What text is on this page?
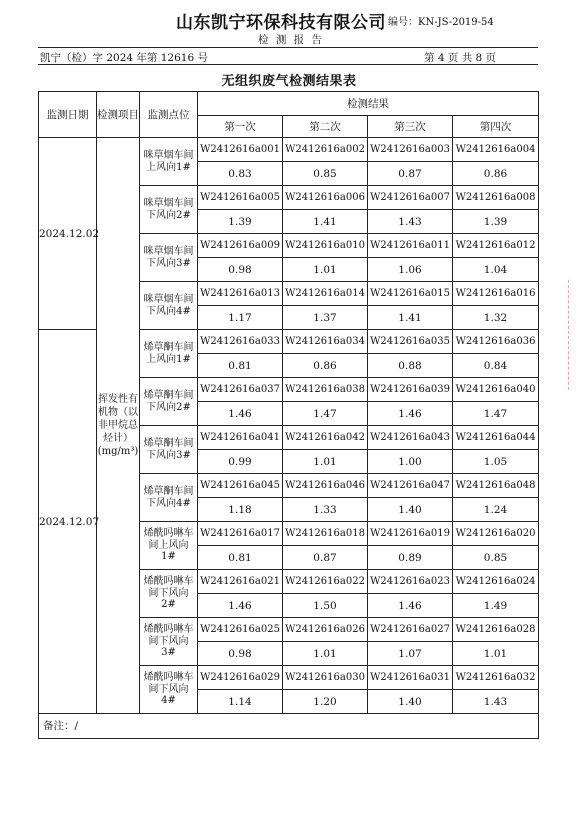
山东凯宁环保科技有限公司 编号：KN-JS-2019-54
检 测 报 告
凯宁（检）字 2024 年第 12616 号	第 4 页 共 8 页
无组织废气检测结果表
监测日期	检测项目	监测点位	检测结果			
			第一次	第二次	第三次	第四次
2024.12.02	挥发性有机物（以非甲烷总烃计）(mg/m³)	咪草烟车间上风向1#	W2412616a001	W2412616a002	W2412616a003	W2412616a004
			0.83	0.85	0.87	0.86
		咪草烟车间下风向2#	W2412616a005	W2412616a006	W2412616a007	W2412616a008
			1.39	1.41	1.43	1.39
		咪草烟车间下风向3#	W2412616a009	W2412616a010	W2412616a011	W2412616a012
			0.98	1.01	1.06	1.04
		咪草烟车间下风向4#	W2412616a013	W2412616a014	W2412616a015	W2412616a016
			1.17	1.37	1.41	1.32
2024.12.07		烯草酮车间上风向1#	W2412616a033	W2412616a034	W2412616a035	W2412616a036
			0.81	0.86	0.88	0.84
		烯草酮车间下风向2#	W2412616a037	W2412616a038	W2412616a039	W2412616a040
			1.46	1.47	1.46	1.47
		烯草酮车间下风向3#	W2412616a041	W2412616a042	W2412616a043	W2412616a044
			0.99	1.01	1.00	1.05
		烯草酮车间下风向4#	W2412616a045	W2412616a046	W2412616a047	W2412616a048
			1.18	1.33	1.40	1.24
		烯酰吗啉车间上风向 1#	W2412616a017	W2412616a018	W2412616a019	W2412616a020
			0.81	0.87	0.89	0.85
		烯酰吗啉车间下风向 2#	W2412616a021	W2412616a022	W2412616a023	W2412616a024
			1.46	1.50	1.46	1.49
		烯酰吗啉车间下风向 3#	W2412616a025	W2412616a026	W2412616a027	W2412616a028
			0.98	1.01	1.07	1.01
		烯酰吗啉车间下风向 4#	W2412616a029	W2412616a030	W2412616a031	W2412616a032
			1.14	1.20	1.40	1.43
备注：/						
